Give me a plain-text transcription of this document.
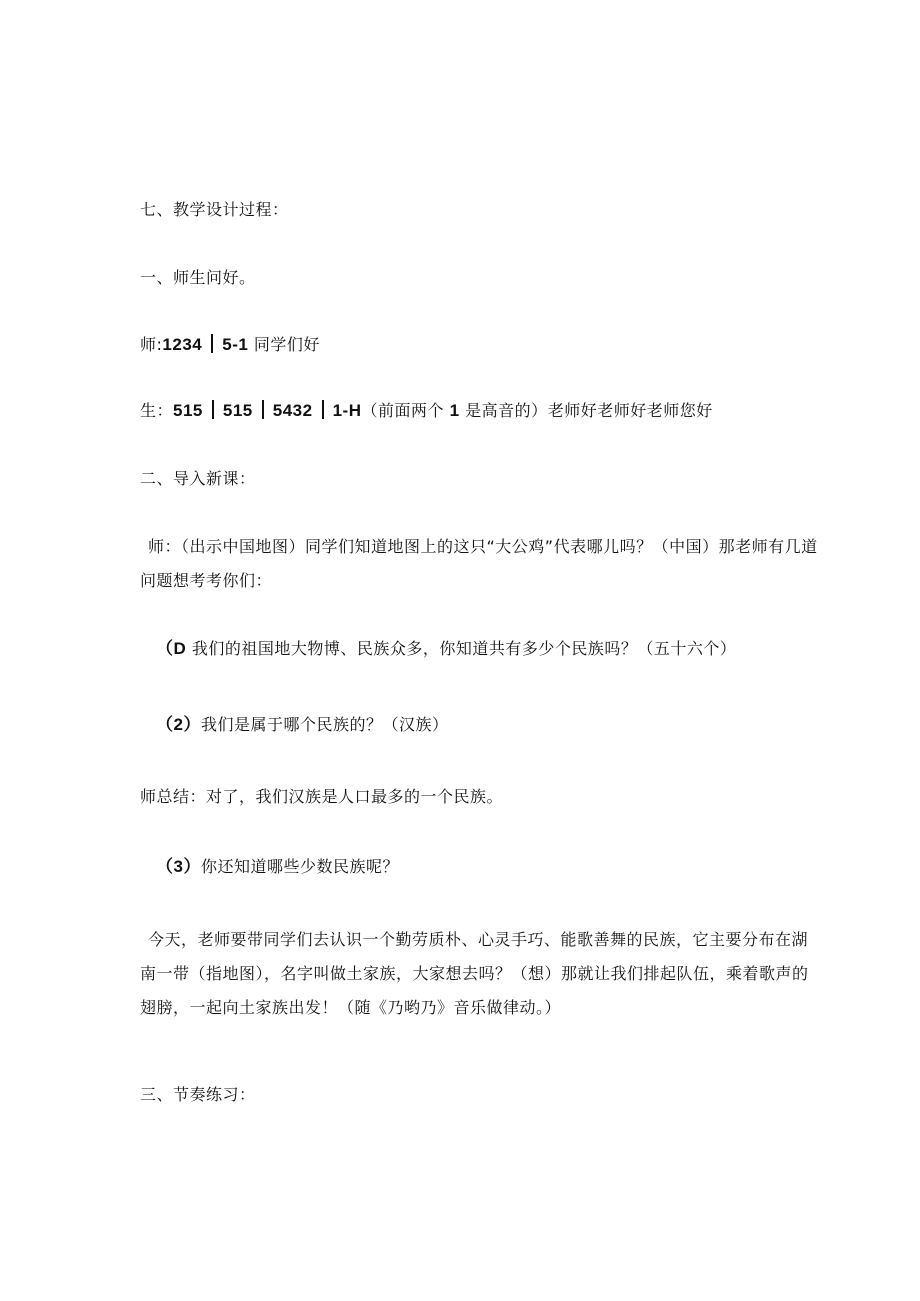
七、教学设计过程：
一、师生问好。
师:1234 5-1 同学们好
生：515 515 5432 1-H（前面两个 1 是高音的）老师好老师好老师您好
二、导入新课：
师：（出示中国地图）同学们知道地图上的这只“大公鸡”代表哪儿吗？（中国）那老师有几道问题想考考你们：
（D 我们的祖国地大物博、民族众多，你知道共有多少个民族吗？（五十六个）
（2）我们是属于哪个民族的？（汉族）
师总结：对了，我们汉族是人口最多的一个民族。
（3）你还知道哪些少数民族呢？
今天，老师要带同学们去认识一个勤劳质朴、心灵手巧、能歌善舞的民族，它主要分布在湖南一带（指地图），名字叫做土家族，大家想去吗？（想）那就让我们排起队伍，乘着歌声的翅膀，一起向土家族出发！（随《乃哟乃》音乐做律动。）
三、节奏练习：
